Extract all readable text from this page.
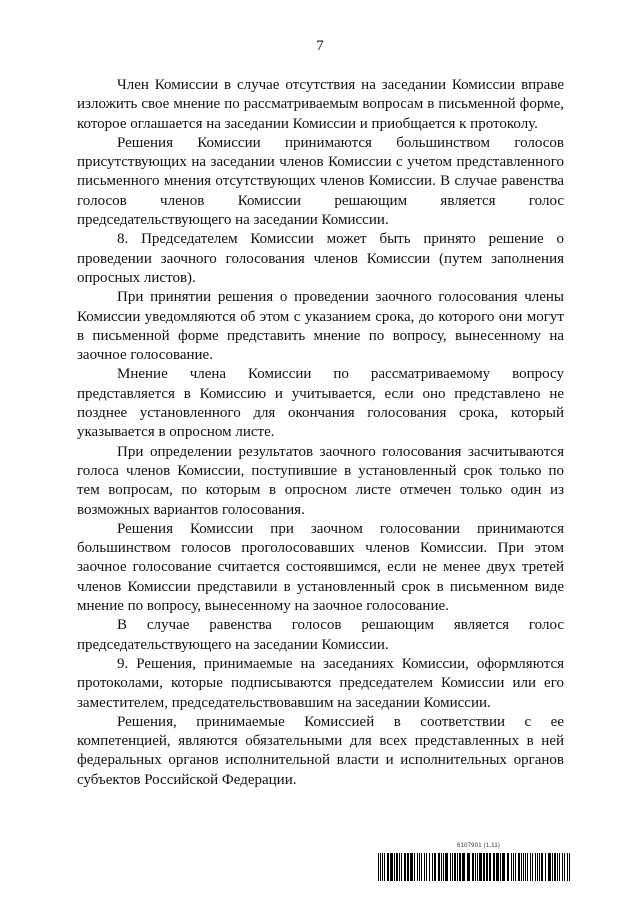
7

Член Комиссии в случае отсутствия на заседании Комиссии вправе изложить свое мнение по рассматриваемым вопросам в письменной форме, которое оглашается на заседании Комиссии и приобщается к протоколу.

Решения Комиссии принимаются большинством голосов присутствующих на заседании членов Комиссии с учетом представленного письменного мнения отсутствующих членов Комиссии. В случае равенства голосов членов Комиссии решающим является голос председательствующего на заседании Комиссии.

8. Председателем Комиссии может быть принято решение о проведении заочного голосования членов Комиссии (путем заполнения опросных листов).

При принятии решения о проведении заочного голосования члены Комиссии уведомляются об этом с указанием срока, до которого они могут в письменной форме представить мнение по вопросу, вынесенному на заочное голосование.

Мнение члена Комиссии по рассматриваемому вопросу представляется в Комиссию и учитывается, если оно представлено не позднее установленного для окончания голосования срока, который указывается в опросном листе.

При определении результатов заочного голосования засчитываются голоса членов Комиссии, поступившие в установленный срок только по тем вопросам, по которым в опросном листе отмечен только один из возможных вариантов голосования.

Решения Комиссии при заочном голосовании принимаются большинством голосов проголосовавших членов Комиссии. При этом заочное голосование считается состоявшимся, если не менее двух третей членов Комиссии представили в установленный срок в письменном виде мнение по вопросу, вынесенному на заочное голосование.

В случае равенства голосов решающим является голос председательствующего на заседании Комиссии.

9. Решения, принимаемые на заседаниях Комиссии, оформляются протоколами, которые подписываются председателем Комиссии или его заместителем, председательствовавшим на заседании Комиссии.

Решения, принимаемые Комиссией в соответствии с ее компетенцией, являются обязательными для всех представленных в ней федеральных органов исполнительной власти и исполнительных органов субъектов Российской Федерации.

6107901 (1.11)
